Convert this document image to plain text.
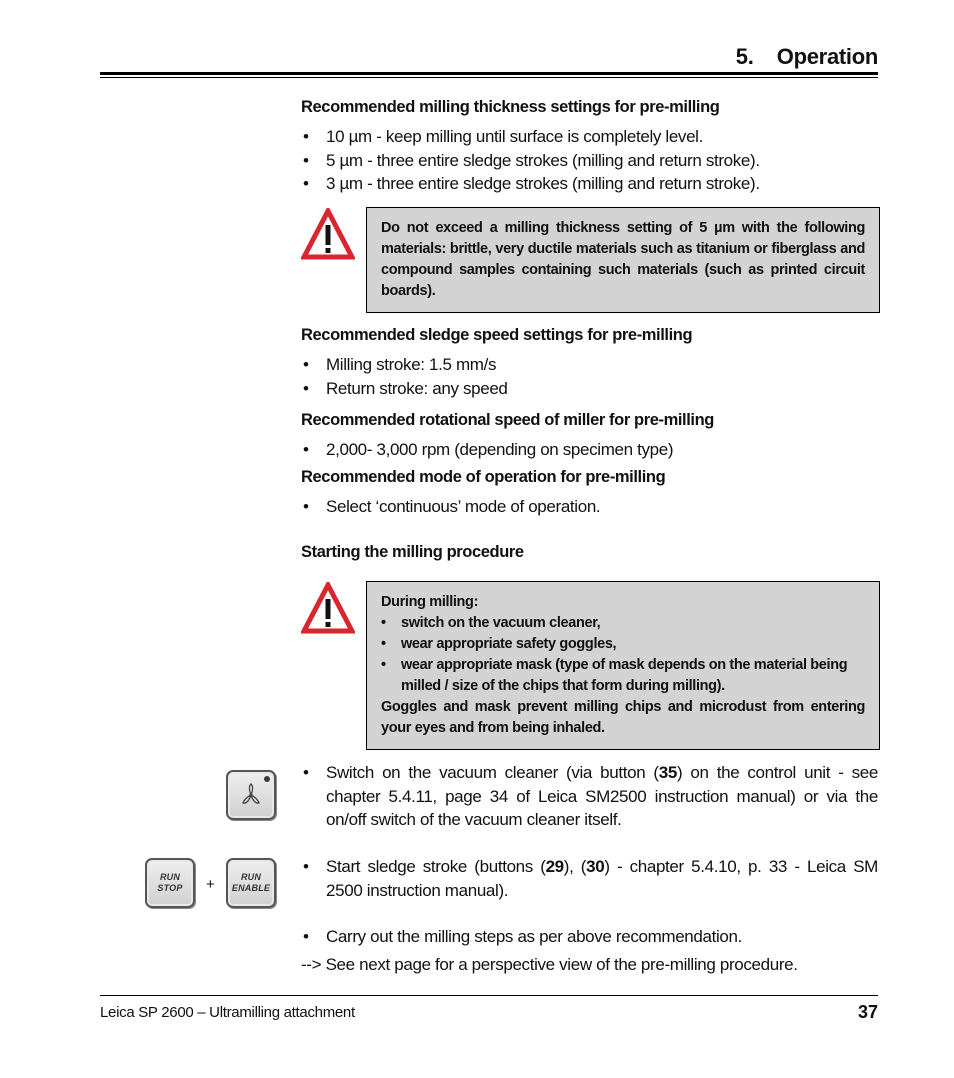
5.    Operation
Recommended milling thickness settings for pre-milling
• 10 µm - keep milling until surface is completely level.
• 5 µm - three entire sledge strokes (milling and return stroke).
• 3 µm - three entire sledge strokes (milling and return stroke).
Do not exceed a milling thickness setting of 5 µm with the following materials: brittle, very ductile materials such as titanium or fiberglass and compound samples containing such materials (such as printed circuit boards).
Recommended sledge speed settings for pre-milling
• Milling stroke: 1.5 mm/s
• Return stroke: any speed
Recommended rotational speed of miller for pre-milling
• 2,000- 3,000 rpm (depending on specimen type)
Recommended mode of operation for pre-milling
• Select ‘continuous’ mode of operation.
Starting the milling procedure
During milling:
• switch on the vacuum cleaner,
• wear appropriate safety goggles,
• wear appropriate mask (type of mask depends on the material being milled / size of the chips that form during milling).
Goggles and mask prevent milling chips and microdust from entering your eyes and from being inhaled.
•	Switch on the vacuum cleaner (via button (35) on the control unit - see chapter 5.4.11, page 34 of Leica SM2500 instruction manual) or via the on/off switch of the vacuum cleaner itself.
RUN
STOP +	RUN
ENABLE
•	Start sledge stroke (buttons (29), (30) - chapter 5.4.10, p. 33 - Leica SM 2500 instruction manual).
•	Carry out the milling steps as per above recommendation.
--> See next page for a perspective view of the pre-milling procedure.
Leica SP 2600 – Ultramilling attachment	37
